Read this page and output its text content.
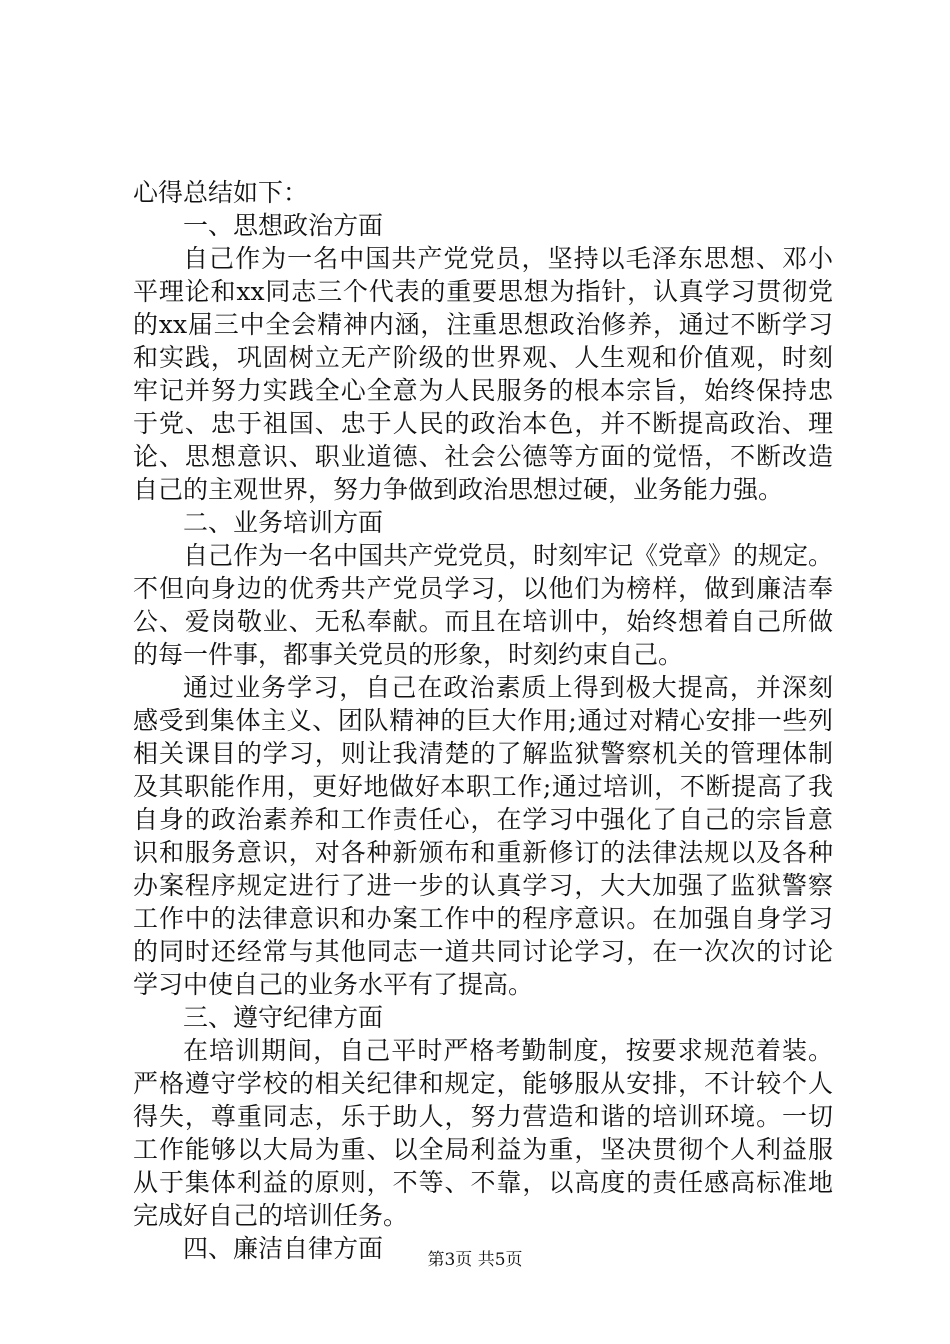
心得总结如下：
一、思想政治方面
自己作为一名中国共产党党员，坚持以毛泽东思想、邓小
平理论和xx同志三个代表的重要思想为指针，认真学习贯彻党
的xx届三中全会精神内涵，注重思想政治修养，通过不断学习
和实践，巩固树立无产阶级的世界观、人生观和价值观，时刻
牢记并努力实践全心全意为人民服务的根本宗旨，始终保持忠
于党、忠于祖国、忠于人民的政治本色，并不断提高政治、理
论、思想意识、职业道德、社会公德等方面的觉悟，不断改造
自己的主观世界，努力争做到政治思想过硬，业务能力强。
二、业务培训方面
自己作为一名中国共产党党员，时刻牢记《党章》的规定。
不但向身边的优秀共产党员学习，以他们为榜样，做到廉洁奉
公、爱岗敬业、无私奉献。而且在培训中，始终想着自己所做
的每一件事，都事关党员的形象，时刻约束自己。
通过业务学习，自己在政治素质上得到极大提高，并深刻
感受到集体主义、团队精神的巨大作用;通过对精心安排一些列
相关课目的学习，则让我清楚的了解监狱警察机关的管理体制
及其职能作用，更好地做好本职工作;通过培训，不断提高了我
自身的政治素养和工作责任心，在学习中强化了自己的宗旨意
识和服务意识，对各种新颁布和重新修订的法律法规以及各种
办案程序规定进行了进一步的认真学习，大大加强了监狱警察
工作中的法律意识和办案工作中的程序意识。在加强自身学习
的同时还经常与其他同志一道共同讨论学习，在一次次的讨论
学习中使自己的业务水平有了提高。
三、遵守纪律方面
在培训期间，自己平时严格考勤制度，按要求规范着装。
严格遵守学校的相关纪律和规定，能够服从安排，不计较个人
得失，尊重同志，乐于助人，努力营造和谐的培训环境。一切
工作能够以大局为重、以全局利益为重，坚决贯彻个人利益服
从于集体利益的原则，不等、不靠，以高度的责任感高标准地
完成好自己的培训任务。
四、廉洁自律方面	第3页 共5页
